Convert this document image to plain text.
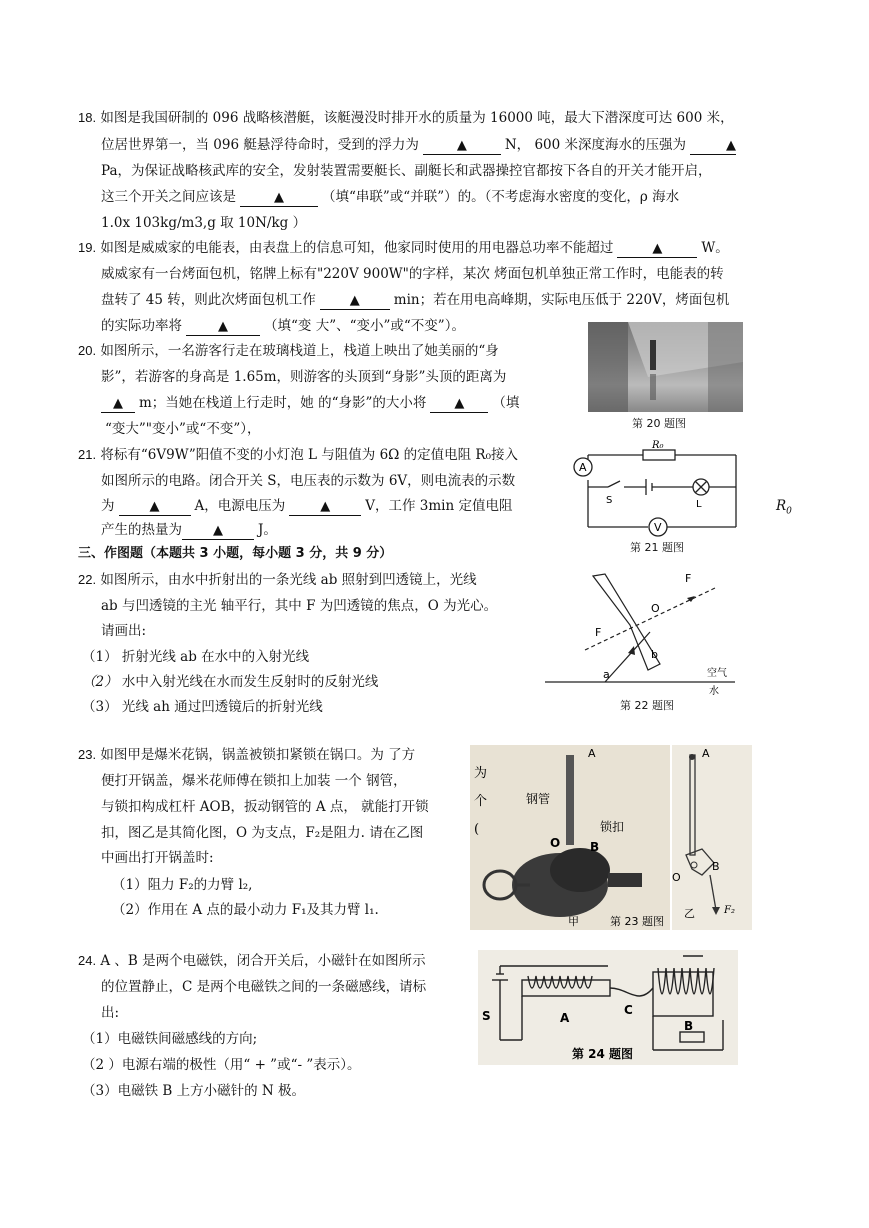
18. 如图是我国研制的 096 战略核潜艇，该艇漫没时排开水的质量为 16000 吨，最大下潜深度可达 600 米，
位居世界第一，当 096 艇悬浮待命时，受到的浮力为	▲	N， 600 米深度海水的压强为	▲
Pa，为保证战略核武库的安全，发射装置需要艇长、副艇长和武器操控官都按下各自的开关才能开启，
这三个开关之间应该是	▲	（填“串联”或“并联”）的。（不考虑海水密度的变化，ρ 海水
1.0x 103kg/m3,g 取 10N/kg ）
19. 如图是威威家的电能表，由表盘上的信息可知，他家同时使用的用电器总功率不能超过	▲	W。
威威家有一台烤面包机，铭牌上标有"220V 900W"的字样，某次 烤面包机单独正常工作时，电能表的转
盘转了 45 转，则此次烤面包机工作	▲	min；若在用电高峰期，实际电压低于 220V，烤面包机
的实际功率将	▲	（填“变 大”、“变小”或“不变”）。
20. 如图所示，一名游客行走在玻璃栈道上，栈道上映出了她美丽的“身
影”，若游客的身高是 1.65m，则游客的头顶到“身影”头顶的距离为
▲ m；当她在栈道上行走时，她 的“身影”的大小将 ▲ （填
“变大”"变小”或“不变”），	第 20 题图
21. 将标有“6V9W”阳值不变的小灯泡 L 与阻值为 6Ω 的定值电阻 R₀接入
如图所示的电路。闭合开关 S，电压表的示数为 6V，则电流表的示数
为	▲	A，电源电压为	▲	V，工作 3min 定值电阻	$R_0$
产生的热量为 ▲	J。
A
V
R₀
S	L
第 21 题图
三、作图题（本题共 3 小题，每小题 3 分，共 9 分）
22. 如图所示，由水中折射出的一条光线 ab 照射到凹透镜上，光线
ab 与凹透镜的主光 轴平行，其中 F 为凹透镜的焦点，O 为光心。
请画出:
（1） 折射光线 ab 在水中的入射光线
（2） 水中入射光线在水而发生反射时的反射光线
（3） 光线 ah 通过凹透镜后的折射光线
F
F
O
a
b
空气
水
第 22 题图
23. 如图甲是爆米花锅，锅盖被锁扣紧锁在锅口。为 了方
便打开锅盖，爆米花师傅在锁扣上加装 一个 钢管，
与锁扣构成杠杆 AOB，扳动钢管的 A 点， 就能打开锁
扣，图乙是其简化图，O 为支点，F₂是阻力. 请在乙图
中画出打开锅盖时:
（1）阻力 F₂的力臂 l₂,
（2）作用在 A 点的最小动力 F₁及其力臂 l₁.
为
个
(
A
钢管
锁扣
O B
甲	第 23 题图
A
O
B
乙	F₂
24. A 、B 是两个电磁铁，闭合开关后，小磁针在如图所示
的位置静止，C 是两个电磁铁之间的一条磁感线，请标
出:
（1）电磁铁间磁感线的方向;
（2 ）电源右端的极性（用“ + ”或“- ”表示）。
（3）电磁铁 B 上方小磁针的 N 极。
S	A
C
B
第 24 题图
